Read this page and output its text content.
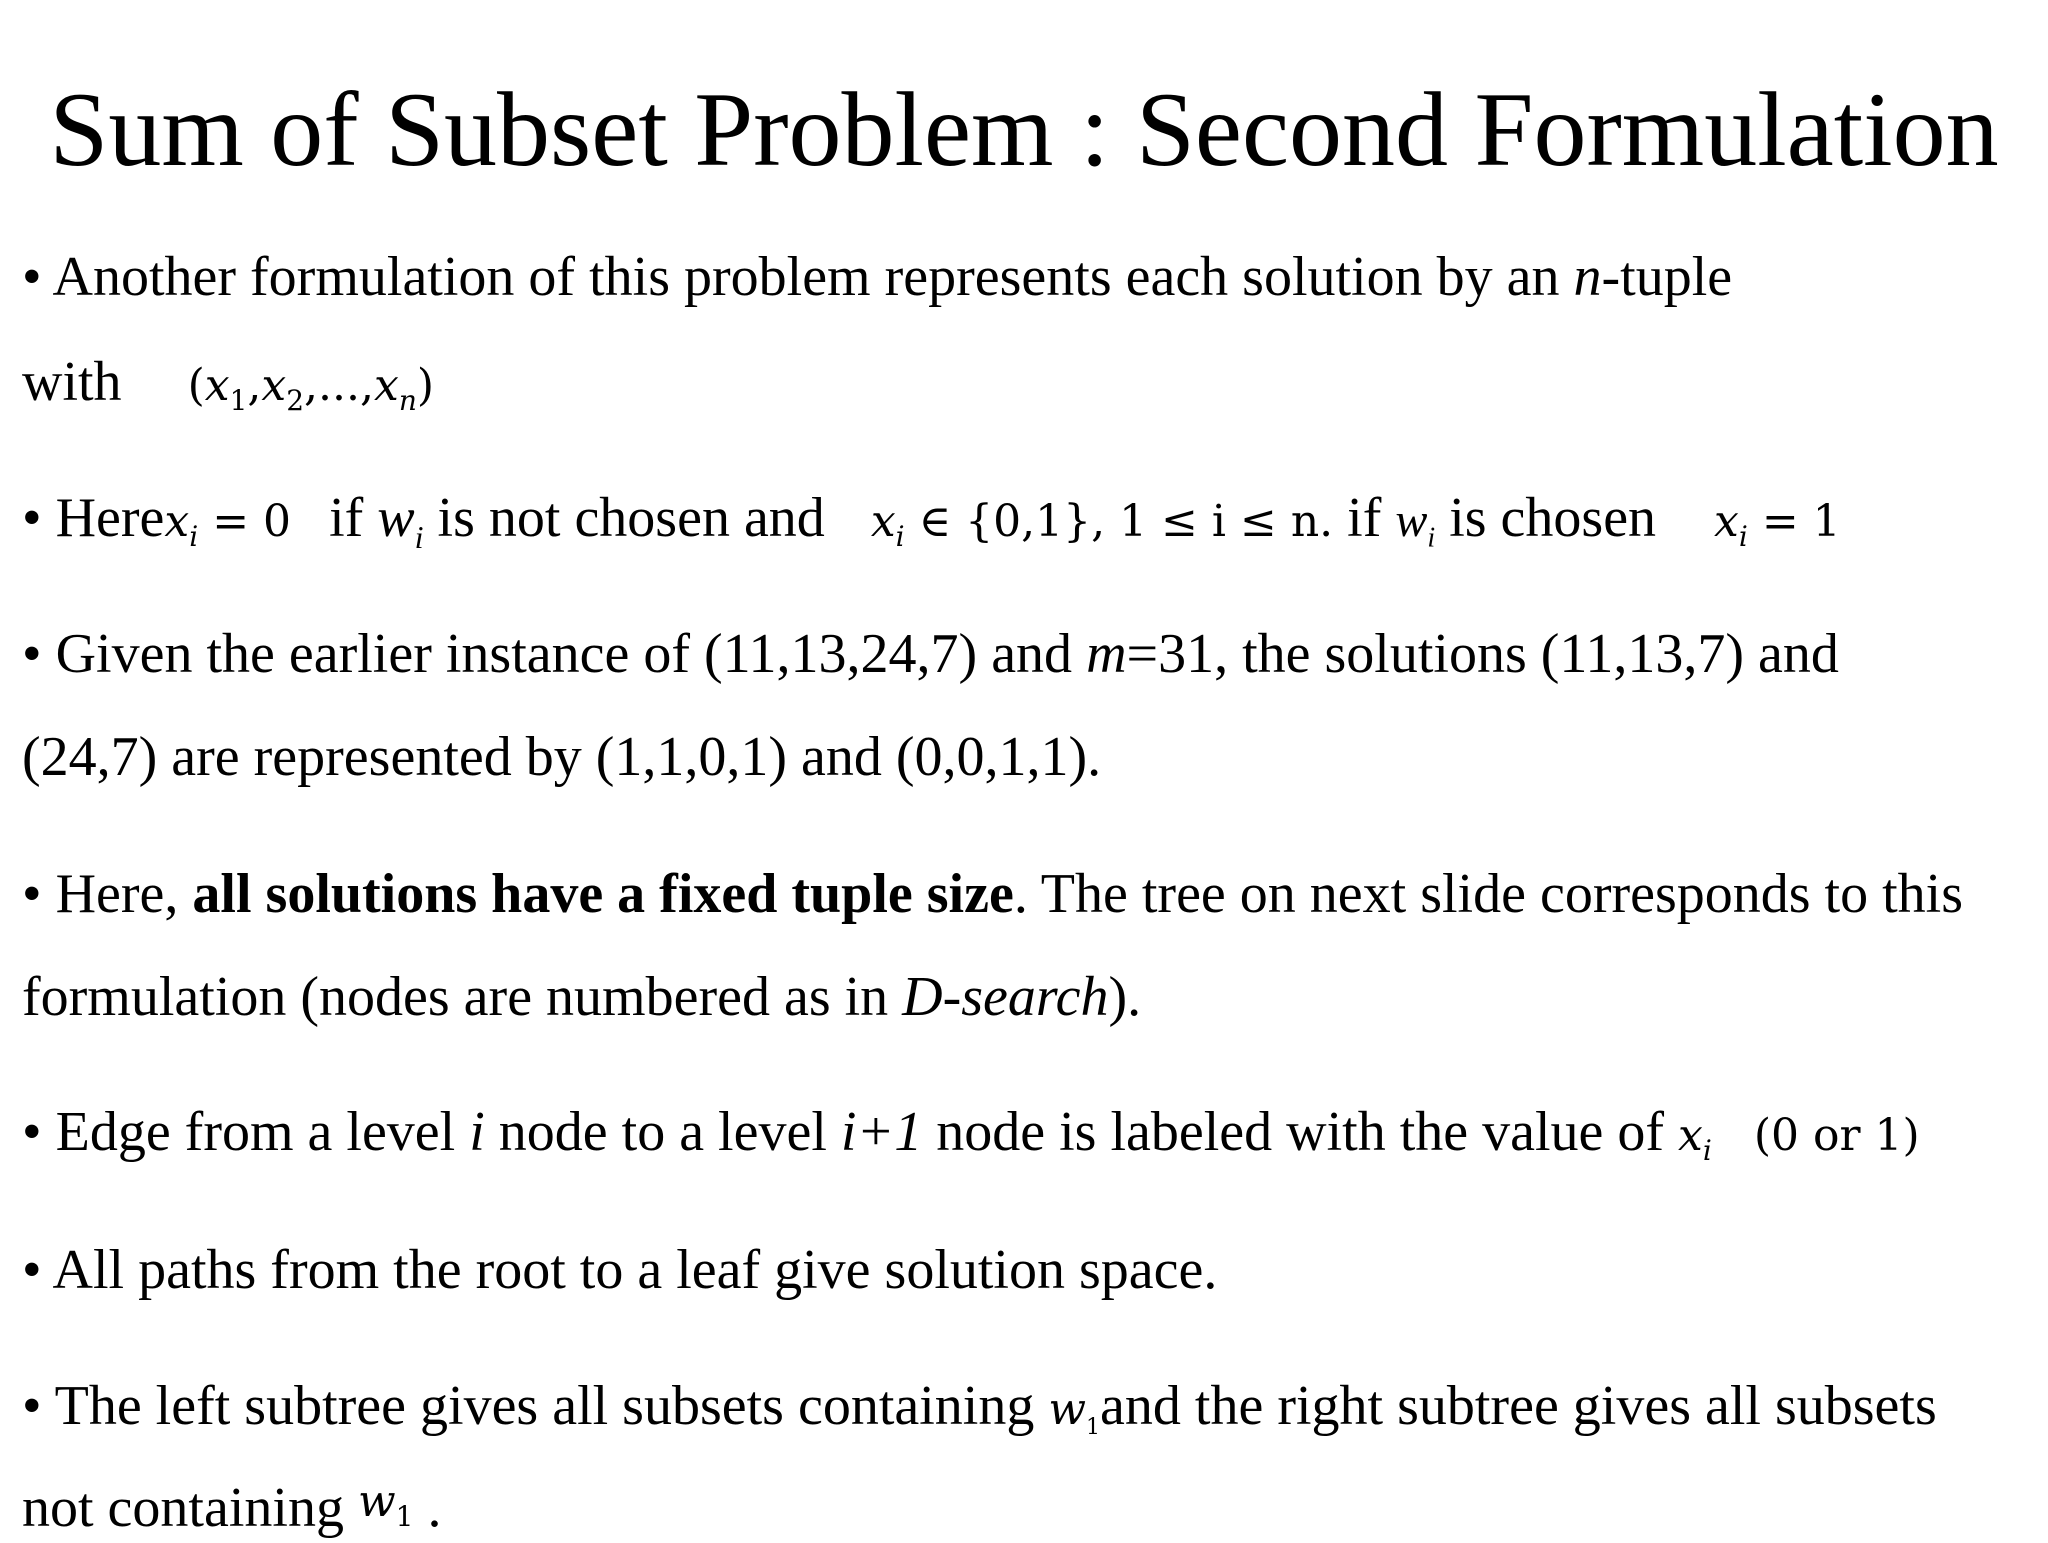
Sum of Subset Problem : Second Formulation
• Another formulation of this problem represents each solution by an n-tuple
with $(x_1,x_2,...,x_n)$
• Herex$_i$ = 0 if $w_i$ is not chosen and $x_i$ ∈ {0,1}, 1 ≤ i ≤ n. if $w_i$ is chosen $x_i = 1$
• Given the earlier instance of (11,13,24,7) and m=31, the solutions (11,13,7) and
(24,7) are represented by (1,1,0,1) and (0,0,1,1).
• Here, all solutions have a fixed tuple size. The tree on next slide corresponds to this
formulation (nodes are numbered as in D-search).
• Edge from a level i node to a level i+1 node is labeled with the value of $x_i$ (0 or 1)
• All paths from the root to a leaf give solution space.
• The left subtree gives all subsets containing $w_1and$ the right subtree gives all subsets
not containing $w_1$ .
